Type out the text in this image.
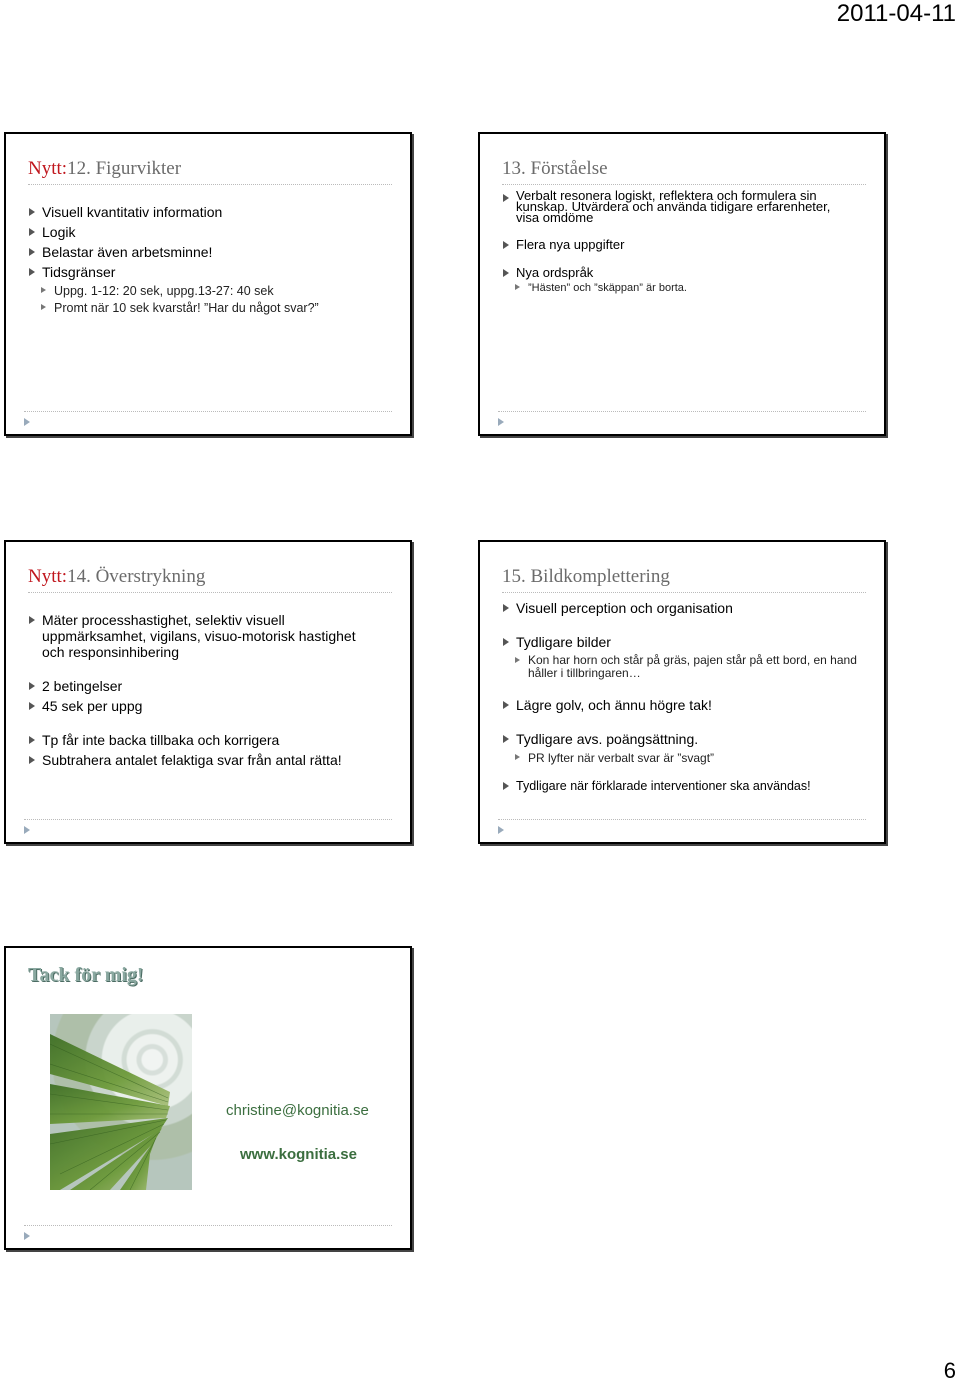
2011-04-11
Nytt:12. Figurvikter
Visuell kvantitativ information
Logik
Belastar även arbetsminne!
Tidsgränser
Uppg. 1-12: 20 sek, uppg.13-27: 40 sek
Promt när 10 sek kvarstår! ”Har du något svar?”
13. Förståelse
Verbalt resonera logiskt, reflektera och formulera sin
kunskap. Utvärdera och använda tidigare erfarenheter,
visa omdöme
Flera nya uppgifter
Nya ordspråk
”Hästen” och ”skäppan” är borta.
Nytt:14. Överstrykning
Mäter processhastighet, selektiv visuell uppmärksamhet, vigilans, visuo-motorisk hastighet och responsinhibering
2 betingelser
45 sek per uppg
Tp får inte backa tillbaka och korrigera
Subtrahera antalet felaktiga svar från antal rätta!
15. Bildkomplettering
Visuell perception och organisation
Tydligare bilder
Kon har horn och står på gräs, pajen står på ett bord, en hand håller i tillbringaren…
Lägre golv, och ännu högre tak!
Tydligare avs. poängsättning.
PR lyfter när verbalt svar är ”svagt”
Tydligare när förklarade interventioner ska användas!
Tack för mig!
christine@kognitia.se
www.kognitia.se
6
